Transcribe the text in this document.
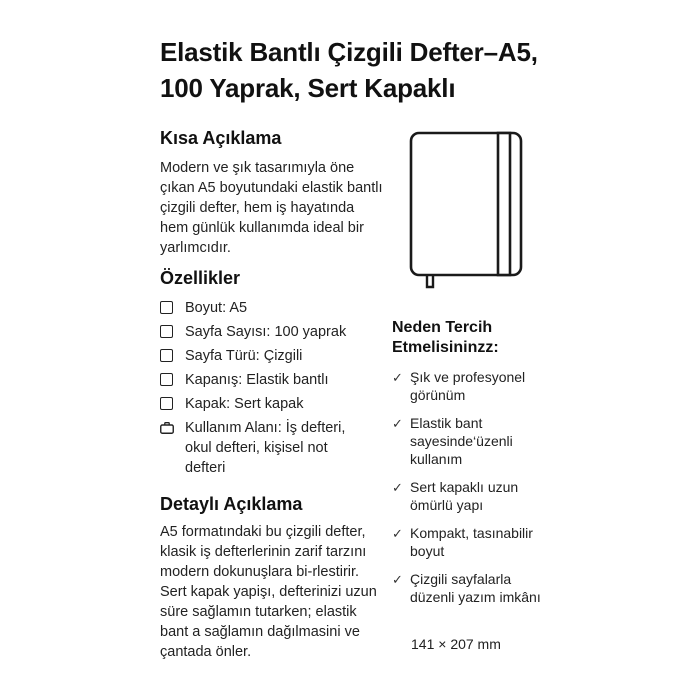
Elastik Bantlı Çizgili Defter–A5, 100 Yaprak, Sert Kapaklı
Kısa Açıklama

Modern ve şık tasarımıyla öne çıkan A5 boyutundaki elastik bantlı çizgili defter, hem iş hayatında hem günlük kullanımda ideal bir yarlımcıdır.

Özellikler
Boyut: A5
Sayfa Sayısı: 100 yaprak
Sayfa Türü: Çizgili
Kapanış: Elastik bantlı
Kapak: Sert kapak
Kullanım Alanı: İş defteri, okul defteri, kişisel not defteri
Detaylı Açıklama

A5 formatındaki bu çizgili defter, klasik iş defterlerinin zarif tarzını modern dokunuşlara bi-rlestirir. Sert kapak yapişı, defterinizi uzun süre sağlamın tutarken; elastik bant a sağlamın dağılmasini ve çantada önler.

Neden Tercih Etmelisininzz:
✓ Şık ve profesyonel görünüm
✓ Elastik bant sayesinde‘üzenli kullanım
✓ Sert kapaklı uzun ömürlü yapı
✓ Kompakt, tasınabilir boyut
✓ Çizgili sayfalarla düzenli yazım imkânı

141 × 207 mm
